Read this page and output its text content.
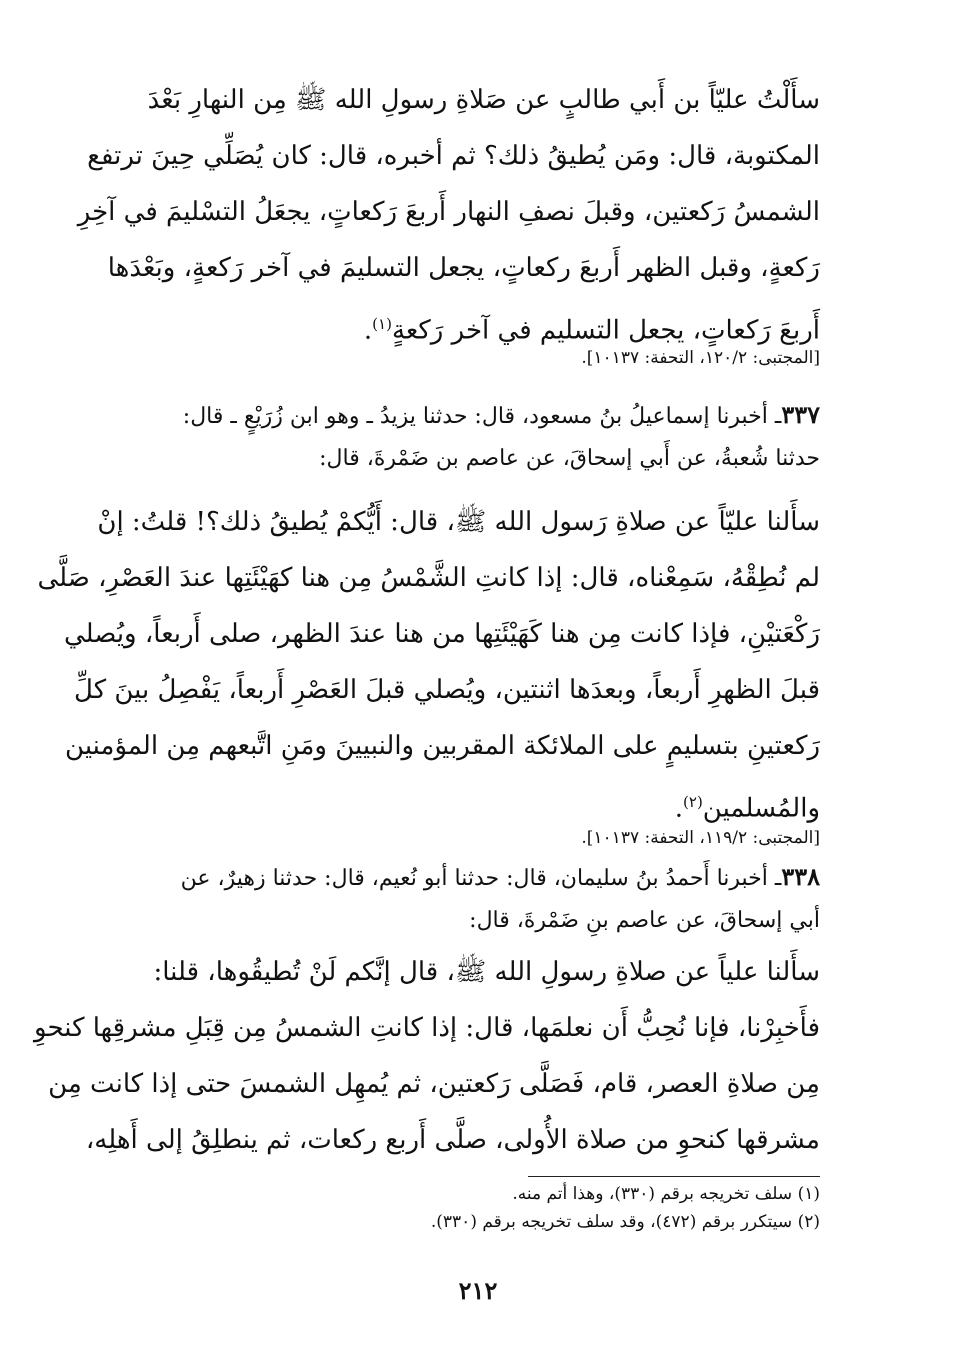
سأَلْتُ عليّاً بن أَبي طالبٍ عن صَلاةِ رسولِ الله ﷺ مِن النهارِ بَعْدَ
المكتوبة، قال: ومَن يُطيقُ ذلك؟ ثم أخبره، قال: كان يُصَلِّي حِينَ ترتفع
الشمسُ رَكعتين، وقبلَ نصفِ النهار أَربعَ رَكعاتٍ، يجعَلُ التسْليمَ في آخِرِ
رَكعةٍ، وقبل الظهر أَربعَ ركعاتٍ، يجعل التسليمَ في آخر رَكعةٍ، وبَعْدَها
أَربعَ رَكعاتٍ، يجعل التسليم في آخر رَكعةٍ$^{(١)}$.
[المجتبى: ١٢٠/٢، التحفة: ١٠١٣٧].
٣٣٧ـ أخبرنا إسماعيلُ بنُ مسعود، قال: حدثنا يزيدُ ـ وهو ابن زُرَيْعٍ ـ قال:
حدثنا شُعبةُ، عن أَبي إسحاقَ، عن عاصم بن ضَمْرةَ، قال:
سأَلنا عليّاً عن صلاةِ رَسول الله ﷺ، قال: أَيُّكمْ يُطيقُ ذلك؟! قلتُ: إنْ
لم نُطِقْهُ، سَمِعْناه، قال: إذا كانتِ الشَّمْسُ مِن هنا كهَيْئَتِها عندَ العَصْرِ، صَلَّى
رَكْعَتيْنِ، فإذا كانت مِن هنا كَهَيْئَتِها من هنا عندَ الظهر، صلى أَربعاً، ويُصلي
قبلَ الظهرِ أَربعاً، وبعدَها اثنتين، ويُصلي قبلَ العَصْرِ أَربعاً، يَفْصِلُ بينَ كلِّ
رَكعتينِ بتسليمٍ على الملائكة المقربين والنبيينَ ومَنِ اتَّبعهم مِن المؤمنين
والمُسلمين$^{(٢)}$.
[المجتبى: ١١٩/٢، التحفة: ١٠١٣٧].
٣٣٨ـ أخبرنا أَحمدُ بنُ سليمان، قال: حدثنا أبو نُعيم، قال: حدثنا زهيرٌ، عن
أبي إسحاقَ، عن عاصم بنِ ضَمْرةَ، قال:
سأَلنا علياً عن صلاةِ رسولِ الله ﷺ، قال إنَّكم لَنْ تُطيقُوها، قلنا:
فأَخبِرْنا، فإنا نُحِبُّ أَن نعلمَها، قال: إذا كانتِ الشمسُ مِن قِبَلِ مشرقِها كنحوِ
مِن صلاةِ العصر، قام، فَصَلَّى رَكعتين، ثم يُمهِل الشمسَ حتى إذا كانت مِن
مشرقها كنحوِ من صلاة الأُولى، صلَّى أَربع ركعات، ثم ينطلِقُ إلى أَهلِه،
(١) سلف تخريجه برقم (٣٣٠)، وهذا أتم منه.
(٢) سيتكرر برقم (٤٧٢)، وقد سلف تخريجه برقم (٣٣٠).
٢١٢
